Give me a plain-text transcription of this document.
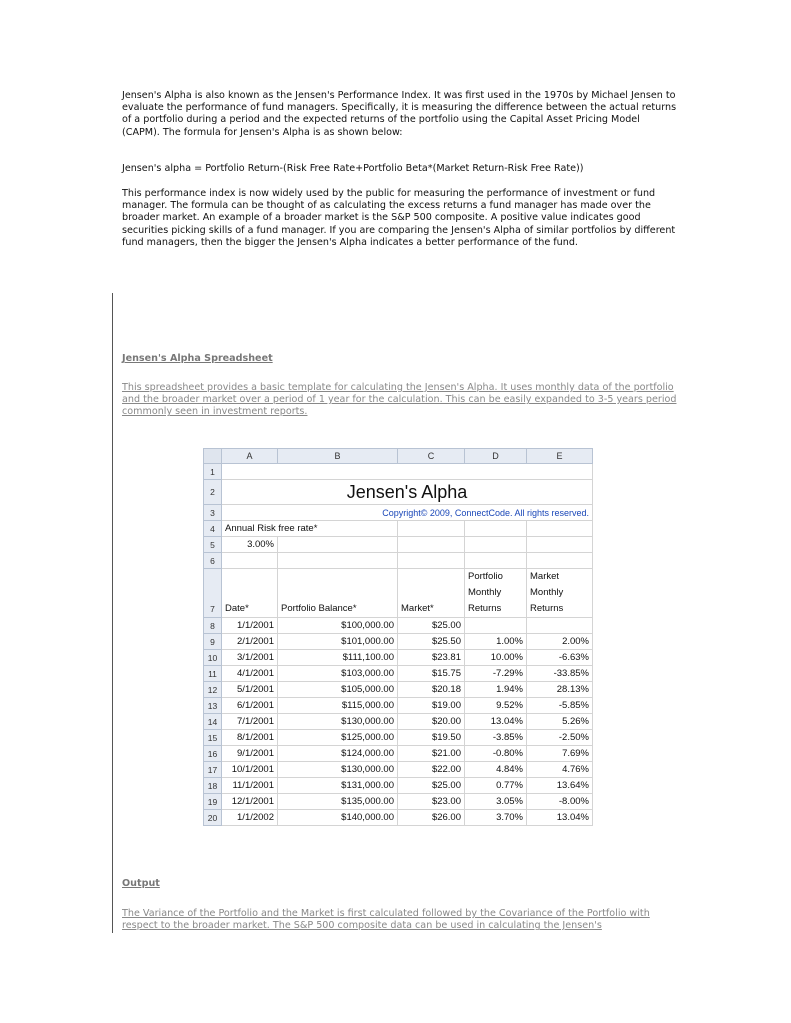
Jensen's Alpha is also known as the Jensen's Performance Index. It was first used in the 1970s by Michael Jensen to evaluate the performance of fund managers. Specifically, it is measuring the difference between the actual returns of a portfolio during a period and the expected returns of the portfolio using the Capital Asset Pricing Model (CAPM). The formula for Jensen's Alpha is as shown below:

Jensen's alpha = Portfolio Return-(Risk Free Rate+Portfolio Beta*(Market Return-Risk Free Rate))

This performance index is now widely used by the public for measuring the performance of investment or fund manager. The formula can be thought of as calculating the excess returns a fund manager has made over the broader market. An example of a broader market is the S&P 500 composite. A positive value indicates good securities picking skills of a fund manager. If you are comparing the Jensen's Alpha of similar portfolios by different fund managers, then the bigger the Jensen's Alpha indicates a better performance of the fund.

Jensen's Alpha Spreadsheet

This spreadsheet provides a basic template for calculating the Jensen's Alpha. It uses monthly data of the portfolio and the broader market over a period of 1 year for the calculation. This can be easily expanded to 3-5 years period commonly seen in investment reports.

	A	B	C	D	E
1					
2	Jensen's Alpha				
3	Copyright© 2009, ConnectCode. All rights reserved.				
4	Annual Risk free rate*				
5	3.00%				
6					
7	Date*	Portfolio Balance*	Market*	Portfolio
Monthly
Returns	Market
Monthly
Returns
8	1/1/2001	$100,000.00	$25.00		
9	2/1/2001	$101,000.00	$25.50	1.00%	2.00%
10	3/1/2001	$111,100.00	$23.81	10.00%	-6.63%
11	4/1/2001	$103,000.00	$15.75	-7.29%	-33.85%
12	5/1/2001	$105,000.00	$20.18	1.94%	28.13%
13	6/1/2001	$115,000.00	$19.00	9.52%	-5.85%
14	7/1/2001	$130,000.00	$20.00	13.04%	5.26%
15	8/1/2001	$125,000.00	$19.50	-3.85%	-2.50%
16	9/1/2001	$124,000.00	$21.00	-0.80%	7.69%
17	10/1/2001	$130,000.00	$22.00	4.84%	4.76%
18	11/1/2001	$131,000.00	$25.00	0.77%	13.64%
19	12/1/2001	$135,000.00	$23.00	3.05%	-8.00%
20	1/1/2002	$140,000.00	$26.00	3.70%	13.04%

Output

The Variance of the Portfolio and the Market is first calculated followed by the Covariance of the Portfolio with respect to the broader market. The S&P 500 composite data can be used in calculating the Jensen's
